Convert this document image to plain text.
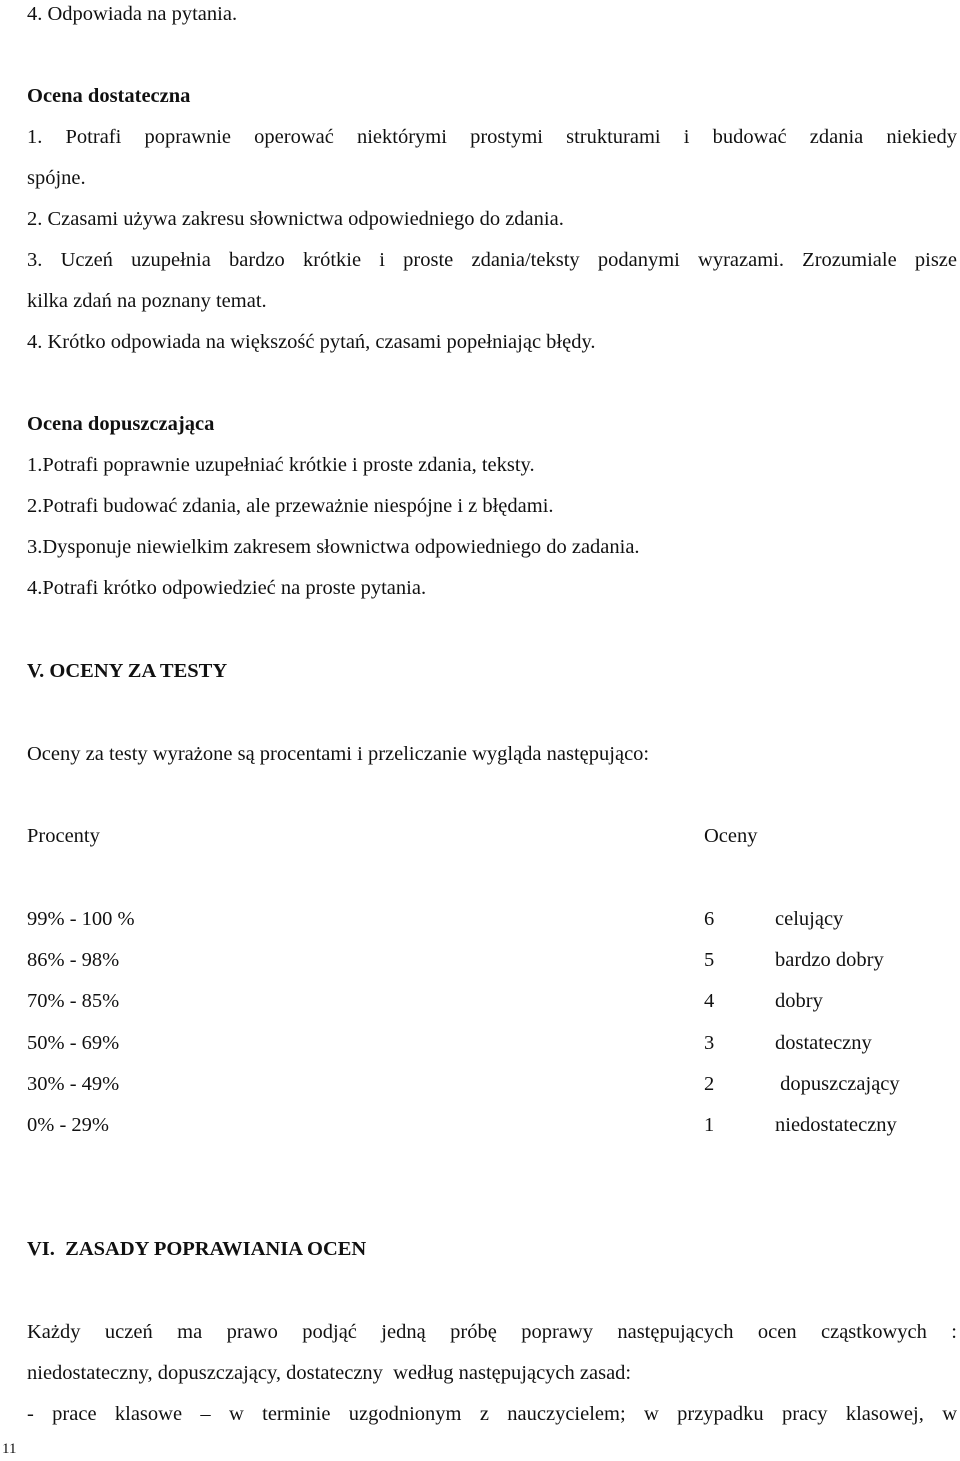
4. Odpowiada na pytania.
Ocena dostateczna
1. Potrafi poprawnie operować niektórymi prostymi strukturami i budować zdania niekiedy
spójne.
2. Czasami używa zakresu słownictwa odpowiedniego do zdania.
3. Uczeń uzupełnia bardzo krótkie i proste zdania/teksty podanymi wyrazami. Zrozumiale pisze
kilka zdań na poznany temat.
4. Krótko odpowiada na większość pytań, czasami popełniając błędy.
Ocena dopuszczająca
1.Potrafi poprawnie uzupełniać krótkie i proste zdania, teksty.
2.Potrafi budować zdania, ale przeważnie niespójne i z błędami.
3.Dysponuje niewielkim zakresem słownictwa odpowiedniego do zadania.
4.Potrafi krótko odpowiedzieć na proste pytania.
V. OCENY ZA TESTY
Oceny za testy wyrażone są procentami i przeliczanie wygląda następująco:
Procenty	Oceny
99% - 100 %	6	celujący
86% - 98%	5	bardzo dobry
70% - 85%	4	dobry
50% - 69%	3	dostateczny
30% - 49%	2	dopuszczający
0% - 29%	1	niedostateczny
VI.  ZASADY POPRAWIANIA OCEN
Każdy uczeń ma prawo podjąć jedną próbę poprawy następujących ocen cząstkowych :
niedostateczny, dopuszczający, dostateczny  według następujących zasad:
- prace klasowe – w terminie uzgodnionym z nauczycielem; w przypadku pracy klasowej, w
11
